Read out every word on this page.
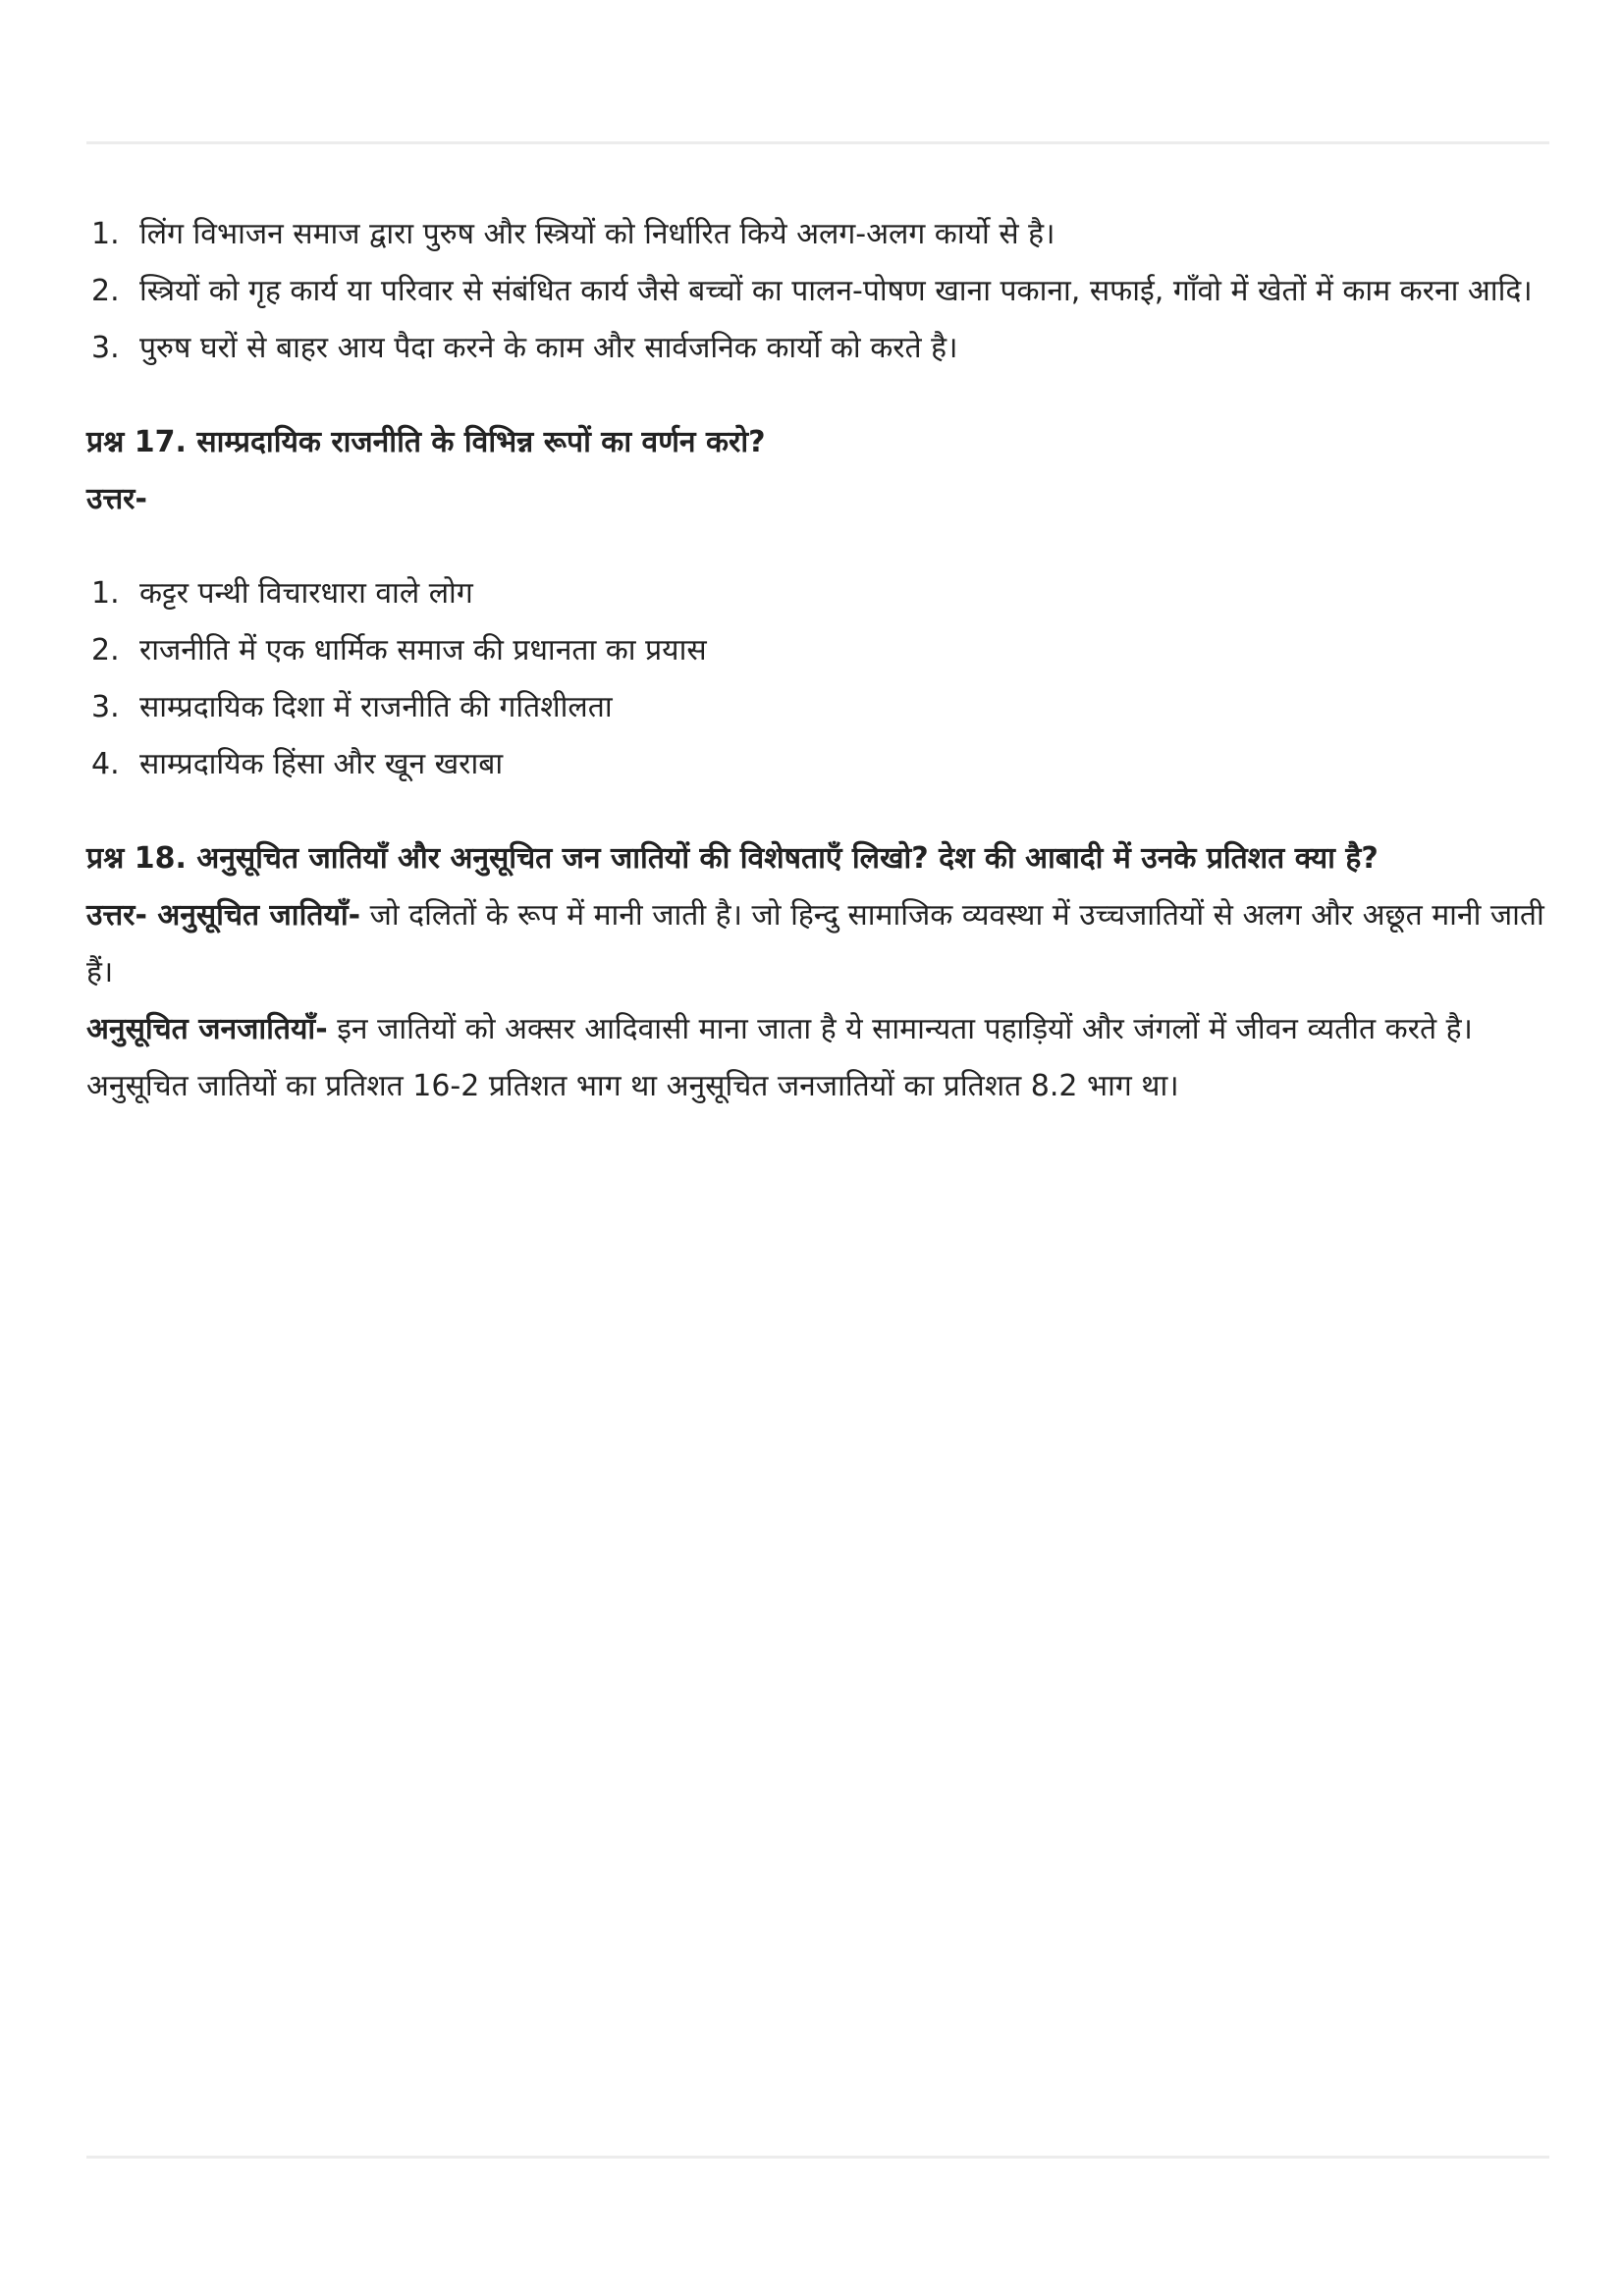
1. लिंग विभाजन समाज द्वारा पुरुष और स्त्रियों को निर्धारित किये अलग-अलग कार्यो से है।
2. स्त्रियों को गृह कार्य या परिवार से संबंधित कार्य जैसे बच्चों का पालन-पोषण खाना पकाना, सफाई, गाँवो में खेतों में काम करना आदि।
3. पुरुष घरों से बाहर आय पैदा करने के काम और सार्वजनिक कार्यो को करते है।

प्रश्न 17. साम्प्रदायिक राजनीति के विभिन्न रूपों का वर्णन करो?

उत्तर-

1. कट्टर पन्थी विचारधारा वाले लोग
2. राजनीति में एक धार्मिक समाज की प्रधानता का प्रयास
3. साम्प्रदायिक दिशा में राजनीति की गतिशीलता
4. साम्प्रदायिक हिंसा और खून खराबा

प्रश्न 18. अनुसूचित जातियाँ और अनुसूचित जन जातियों की विशेषताएँ लिखो? देश की आबादी में उनके प्रतिशत क्या है?

उत्तर- अनुसूचित जातियाँ- जो दलितों के रूप में मानी जाती है। जो हिन्दु सामाजिक व्यवस्था में उच्चजातियों से अलग और अछूत मानी जाती हैं।

अनुसूचित जनजातियाँ- इन जातियों को अक्सर आदिवासी माना जाता है ये सामान्यता पहाड़ियों और जंगलों में जीवन व्यतीत करते है। अनुसूचित जातियों का प्रतिशत 16-2 प्रतिशत भाग था अनुसूचित जनजातियों का प्रतिशत 8.2 भाग था।
